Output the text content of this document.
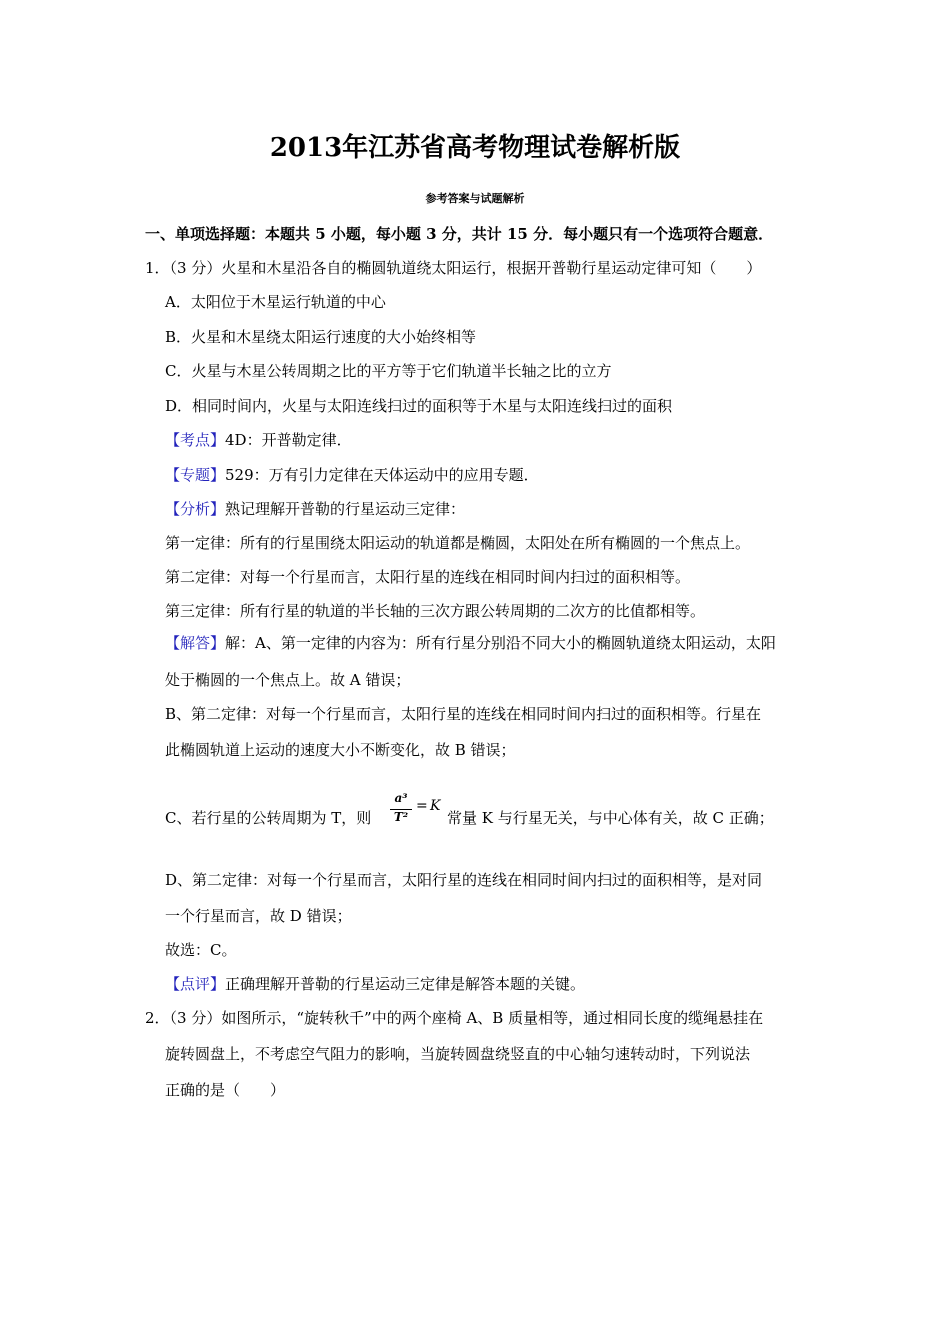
2013年江苏省高考物理试卷解析版
参考答案与试题解析
一、单项选择题：本题共 5 小题，每小题 3 分，共计 15 分．每小题只有一个选项符合题意．
1．（3 分）火星和木星沿各自的椭圆轨道绕太阳运行，根据开普勒行星运动定律可知（　　）
A．太阳位于木星运行轨道的中心
B．火星和木星绕太阳运行速度的大小始终相等
C．火星与木星公转周期之比的平方等于它们轨道半长轴之比的立方
D．相同时间内，火星与太阳连线扫过的面积等于木星与太阳连线扫过的面积
【考点】4D：开普勒定律．
【专题】529：万有引力定律在天体运动中的应用专题．
【分析】熟记理解开普勒的行星运动三定律：
第一定律：所有的行星围绕太阳运动的轨道都是椭圆，太阳处在所有椭圆的一个焦点上。
第二定律：对每一个行星而言，太阳行星的连线在相同时间内扫过的面积相等。
第三定律：所有行星的轨道的半长轴的三次方跟公转周期的二次方的比值都相等。
【解答】解：A、第一定律的内容为：所有行星分别沿不同大小的椭圆轨道绕太阳运动，太阳
处于椭圆的一个焦点上。故 A 错误；
B、第二定律：对每一个行星而言，太阳行星的连线在相同时间内扫过的面积相等。行星在
此椭圆轨道上运动的速度大小不断变化，故 B 错误；
C、若行星的公转周期为 T，则
a³
T²
= K
常量 K 与行星无关，与中心体有关，故 C 正确；
D、第二定律：对每一个行星而言，太阳行星的连线在相同时间内扫过的面积相等，是对同
一个行星而言，故 D 错误；
故选：C。
【点评】正确理解开普勒的行星运动三定律是解答本题的关键。
2．（3 分）如图所示，“旋转秋千”中的两个座椅 A、B 质量相等，通过相同长度的缆绳悬挂在
旋转圆盘上，不考虑空气阻力的影响，当旋转圆盘绕竖直的中心轴匀速转动时，下列说法
正确的是（　　）
